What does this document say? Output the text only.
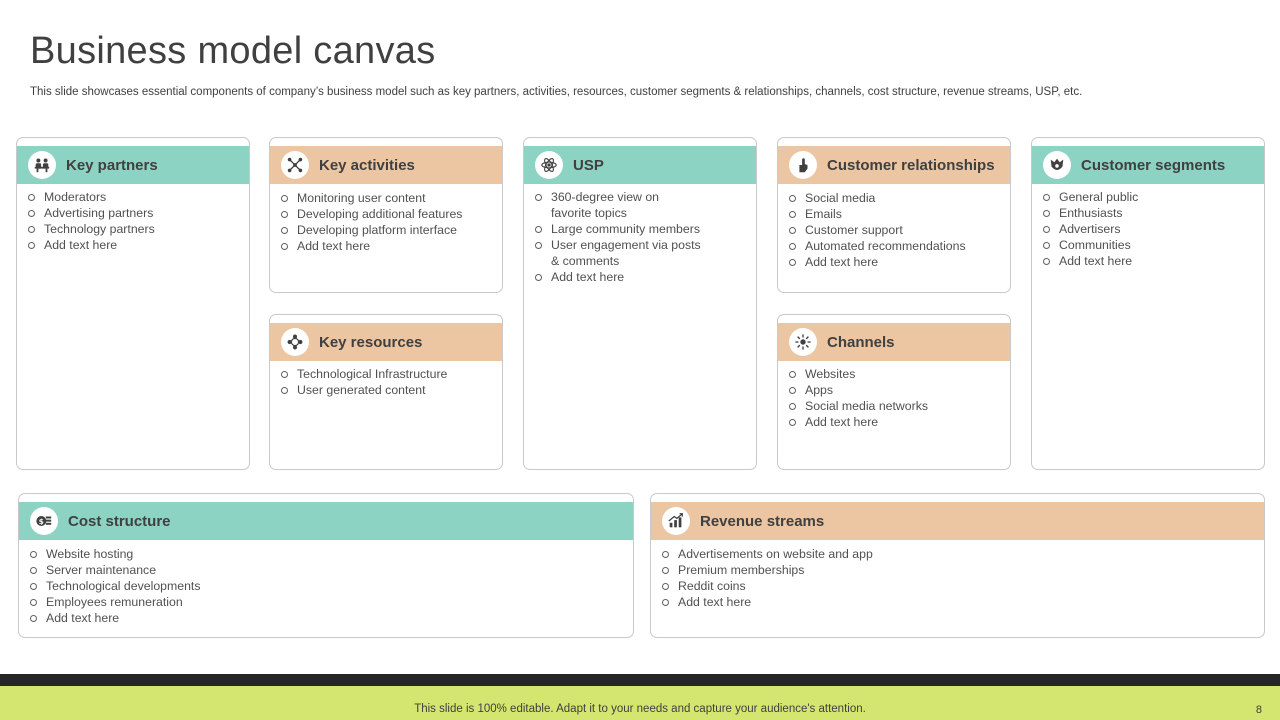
Business model canvas
This slide showcases essential components of company’s business model such as key partners, activities, resources, customer segments & relationships, channels, cost structure, revenue streams, USP, etc.
Key partners
Moderators
Advertising partners
Technology partners
Add text here
Key activities
Monitoring user content
Developing additional features
Developing platform interface
Add text here
Key resources
Technological Infrastructure
User generated content
USP
360-degree view on
favorite topics
Large community members
User engagement via posts
& comments
Add text here
Customer relationships
Social media
Emails
Customer support
Automated recommendations
Add text here
Channels
Websites
Apps
Social media networks
Add text here
Customer segments
General public
Enthusiasts
Advertisers
Communities
Add text here
$ Cost structure
Website hosting
Server maintenance
Technological developments
Employees remuneration
Add text here
Revenue streams
Advertisements on website and app
Premium memberships
Reddit coins
Add text here
This slide is 100% editable. Adapt it to your needs and capture your audience's attention.	8
